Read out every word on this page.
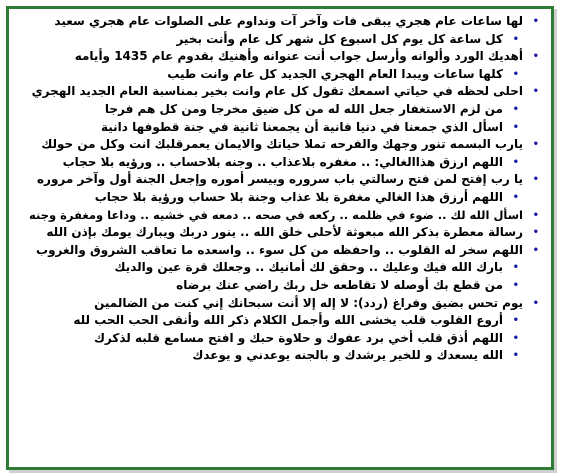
•
لها ساعات عام هجري يبقى فات وآخر آت ونداوم على الصلوات عام هجري سعيد
•
كل ساعة كل يوم كل اسبوع كل شهر كل عام وأنت بخير
•
أهديك الورد وألوانه وأرسل جواب أنت عنوانه وأهنيك بقدوم عام 1435 وأيامه
•
كلها ساعات ويبدا العام الهجري الجديد كل عام وانت طيب
•
احلى لحظه في حياتي اسمعك تقول كل عام وانت بخير بمناسبة العام الجديد الهجري
•
من لزم الاستغفار جعل الله له من كل ضيق مخرجا ومن كل هم فرجا
•
اسأل الذي جمعنا في دنيا فانية أن يجمعنا ثانية في جنة قطوفها دانية
•
يارب البسمه تنور وجهك والفرحه تملا حياتك والايمان يعمرقلبك انت وكل من حولك
•
اللهم ارزق هذاالغالي: .. مغفره بلاعذاب .. وجنه بلاحساب .. ورؤيه بلا حجاب
•
يا رب إفتح لمن فتح رسالتي باب سروره وييسر أموره وإجعل الجنة أول وآخر مروره
•
اللهم أرزق هذا الغالي مغفرة بلا عذاب وجنة بلا حساب ورؤية بلا حجاب
•
اسأل الله لك .. ضوء في ظلمه .. ركعه في صحه .. دمعه في خشيه .. وداعا ومغفرة وجنه
•
رسالة معطرة بذكر الله مبعوثة لأحلى خلق الله .. ينور دربك ويبارك يومك بإذن الله
•
اللهم سخر له القلوب .. واحفظه من كل سوء .. واسعده ما تعاقب الشروق والغروب
•
بارك الله فيك وعليك .. وحقق لك أمانيك .. وجعلك قرة عين والديك
•
من قطع بك أوصله لا تقاطعه خل ربك راضي عنك برضاه
•
يوم تحس بضيق وفراغ (ردد): لا إله إلا أنت سبحانك إني كنت من الضالمين
•
أروع القلوب قلب يخشى الله وأجمل الكلام ذكر الله وأنقى الحب الحب لله
•
اللهم أذق قلب أخي برد عفوك و حلاوة حبك و افتح مسامع قلبه لذكرك
•
الله يسعدك و للخير يرشدك و بالجنه يوعدني و يوعدك
